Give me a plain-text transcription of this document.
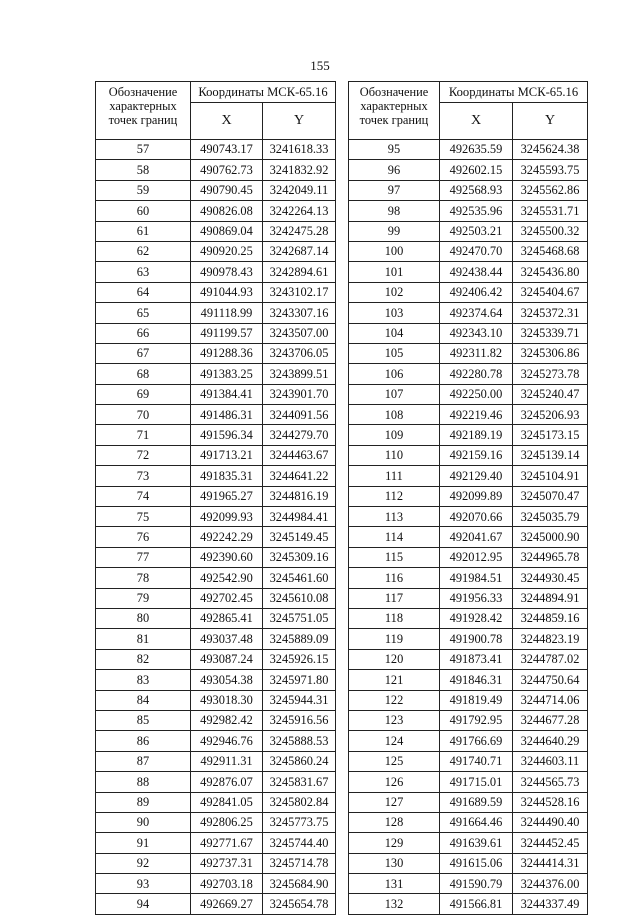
155
Обозначение
характерных
точек границ	Координаты МСК-65.16	
	X	Y
57	490743.17	3241618.33
58	490762.73	3241832.92
59	490790.45	3242049.11
60	490826.08	3242264.13
61	490869.04	3242475.28
62	490920.25	3242687.14
63	490978.43	3242894.61
64	491044.93	3243102.17
65	491118.99	3243307.16
66	491199.57	3243507.00
67	491288.36	3243706.05
68	491383.25	3243899.51
69	491384.41	3243901.70
70	491486.31	3244091.56
71	491596.34	3244279.70
72	491713.21	3244463.67
73	491835.31	3244641.22
74	491965.27	3244816.19
75	492099.93	3244984.41
76	492242.29	3245149.45
77	492390.60	3245309.16
78	492542.90	3245461.60
79	492702.45	3245610.08
80	492865.41	3245751.05
81	493037.48	3245889.09
82	493087.24	3245926.15
83	493054.38	3245971.80
84	493018.30	3245944.31
85	492982.42	3245916.56
86	492946.76	3245888.53
87	492911.31	3245860.24
88	492876.07	3245831.67
89	492841.05	3245802.84
90	492806.25	3245773.75
91	492771.67	3245744.40
92	492737.31	3245714.78
93	492703.18	3245684.90
94	492669.27	3245654.78
Обозначение
характерных
точек границ	Координаты МСК-65.16	
	X	Y
95	492635.59	3245624.38
96	492602.15	3245593.75
97	492568.93	3245562.86
98	492535.96	3245531.71
99	492503.21	3245500.32
100	492470.70	3245468.68
101	492438.44	3245436.80
102	492406.42	3245404.67
103	492374.64	3245372.31
104	492343.10	3245339.71
105	492311.82	3245306.86
106	492280.78	3245273.78
107	492250.00	3245240.47
108	492219.46	3245206.93
109	492189.19	3245173.15
110	492159.16	3245139.14
111	492129.40	3245104.91
112	492099.89	3245070.47
113	492070.66	3245035.79
114	492041.67	3245000.90
115	492012.95	3244965.78
116	491984.51	3244930.45
117	491956.33	3244894.91
118	491928.42	3244859.16
119	491900.78	3244823.19
120	491873.41	3244787.02
121	491846.31	3244750.64
122	491819.49	3244714.06
123	491792.95	3244677.28
124	491766.69	3244640.29
125	491740.71	3244603.11
126	491715.01	3244565.73
127	491689.59	3244528.16
128	491664.46	3244490.40
129	491639.61	3244452.45
130	491615.06	3244414.31
131	491590.79	3244376.00
132	491566.81	3244337.49
